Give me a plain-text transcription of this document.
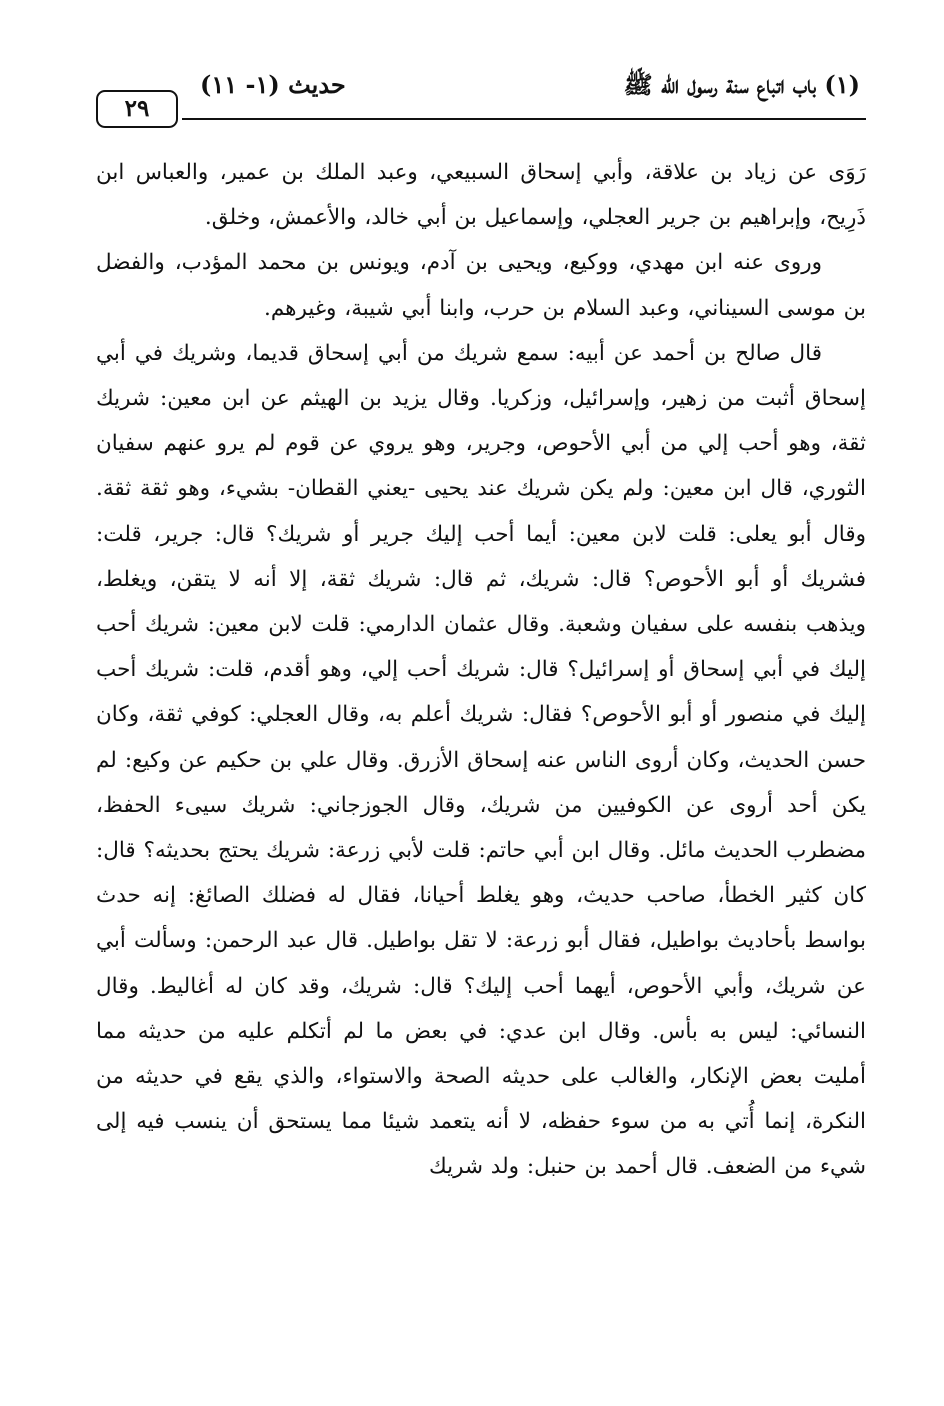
٢٩
حديث (١- ١١)	(١) باب اتباع سنة رسول الله ﷺ

رَوَى عن زياد بن علاقة، وأبي إسحاق السبيعي، وعبد الملك بن عمير، والعباس ابن ذَرِيح، وإبراهيم بن جرير العجلي، وإسماعيل بن أبي خالد، والأعمش، وخلق.

وروى عنه ابن مهدي، ووكيع، ويحيى بن آدم، ويونس بن محمد المؤدب، والفضل بن موسى السيناني، وعبد السلام بن حرب، وابنا أبي شيبة، وغيرهم.

قال صالح بن أحمد عن أبيه: سمع شريك من أبي إسحاق قديما، وشريك في أبي إسحاق أثبت من زهير، وإسرائيل، وزكريا. وقال يزيد بن الهيثم عن ابن معين: شريك ثقة، وهو أحب إلي من أبي الأحوص، وجرير، وهو يروي عن قوم لم يرو عنهم سفيان الثوري، قال ابن معين: ولم يكن شريك عند يحيى -يعني القطان- بشيء، وهو ثقة ثقة. وقال أبو يعلى: قلت لابن معين: أيما أحب إليك جرير أو شريك؟ قال: جرير، قلت: فشريك أو أبو الأحوص؟ قال: شريك، ثم قال: شريك ثقة، إلا أنه لا يتقن، ويغلط، ويذهب بنفسه على سفيان وشعبة. وقال عثمان الدارمي: قلت لابن معين: شريك أحب إليك في أبي إسحاق أو إسرائيل؟ قال: شريك أحب إلي، وهو أقدم، قلت: شريك أحب إليك في منصور أو أبو الأحوص؟ فقال: شريك أعلم به، وقال العجلي: كوفي ثقة، وكان حسن الحديث، وكان أروى الناس عنه إسحاق الأزرق. وقال علي بن حكيم عن وكيع: لم يكن أحد أروى عن الكوفيين من شريك، وقال الجوزجاني: شريك سيىء الحفظ، مضطرب الحديث مائل. وقال ابن أبي حاتم: قلت لأبي زرعة: شريك يحتج بحديثه؟ قال: كان كثير الخطأ، صاحب حديث، وهو يغلط أحيانا، فقال له فضلك الصائغ: إنه حدث بواسط بأحاديث بواطيل، فقال أبو زرعة: لا تقل بواطيل. قال عبد الرحمن: وسألت أبي عن شريك، وأبي الأحوص، أيهما أحب إليك؟ قال: شريك، وقد كان له أغاليط. وقال النسائي: ليس به بأس. وقال ابن عدي: في بعض ما لم أتكلم عليه من حديثه مما أمليت بعض الإنكار، والغالب على حديثه الصحة والاستواء، والذي يقع في حديثه من النكرة، إنما أُتي به من سوء حفظه، لا أنه يتعمد شيئا مما يستحق أن ينسب فيه إلى شيء من الضعف. قال أحمد بن حنبل: ولد شريك
